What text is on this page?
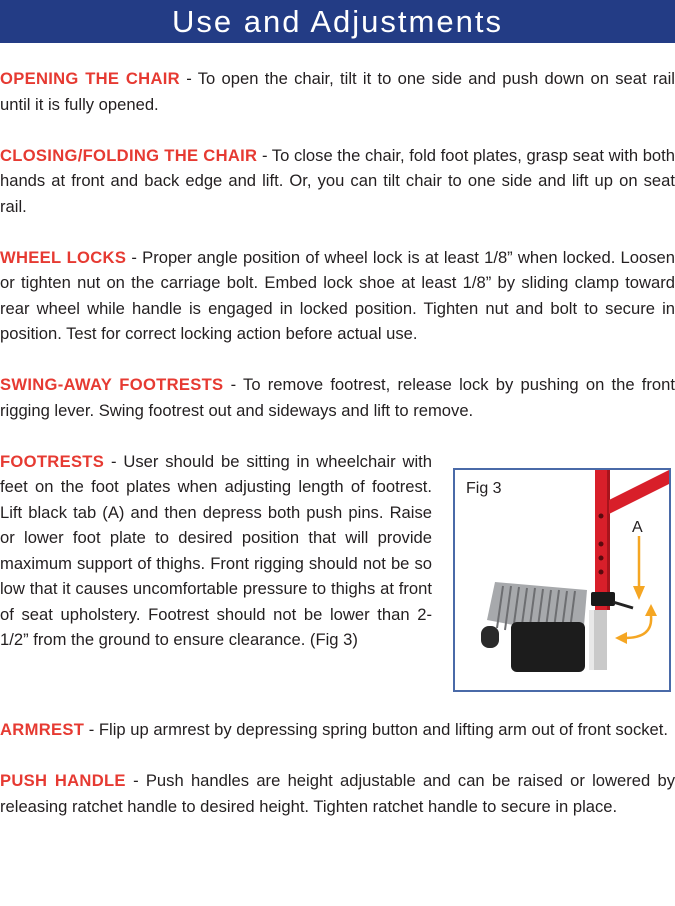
Use and Adjustments

OPENING THE CHAIR - To open the chair, tilt it to one side and push down on seat rail until it is fully opened.

CLOSING/FOLDING THE CHAIR - To close the chair, fold foot plates, grasp seat with both hands at front and back edge and lift. Or, you can tilt chair to one side and lift up on seat rail.

WHEEL LOCKS - Proper angle position of wheel lock is at least 1/8” when locked. Loosen or tighten nut on the carriage bolt. Embed lock shoe at least 1/8” by sliding clamp toward rear wheel while handle is engaged in locked position. Tighten nut and bolt to secure in position. Test for correct locking action before actual use.

SWING-AWAY FOOTRESTS - To remove footrest, release lock by pushing on the front rigging lever. Swing footrest out and sideways and lift to remove.

FOOTRESTS - User should be sitting in wheelchair with feet on the foot plates when adjusting length of footrest. Lift black tab (A) and then depress both push pins. Raise or lower foot plate to desired position that will provide maximum support of thighs. Front rigging should not be so low that it causes uncomfortable pressure to thighs at front of seat upholstery. Footrest should not be lower than 2-1/2” from the ground to ensure clearance. (Fig 3)

A
Fig 3

ARMREST - Flip up armrest by depressing spring button and lifting arm out of front socket.

PUSH HANDLE - Push handles are height adjustable and can be raised or lowered by releasing ratchet handle to desired height. Tighten ratchet handle to secure in place.
